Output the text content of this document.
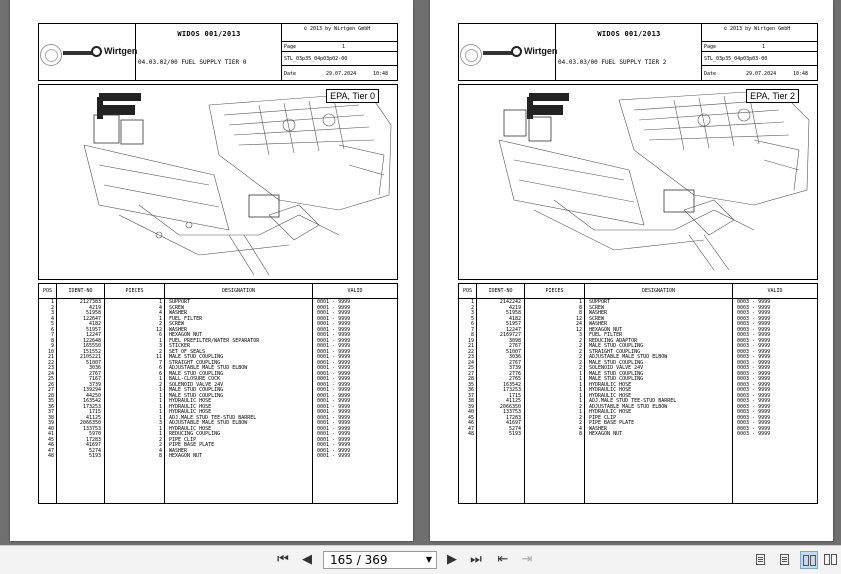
Wirtgen
WIDOS 001/2013
04.03.02/00 FUEL SUPPLY TIER 0
© 2013 by Wirtgen GmbH
Page	1
STL_03p35_04p03p02-00
Date	29.07.2024	10:48
EPA, Tier 0
POS	IDENT-NO	PIECES	DESIGNATION	VALID
1	2127383	1 SUPPORT	0001 - 9999
2	4219	4 SCREW	0001 - 9999
3	51958	4 WASHER	0001 - 9999
4	122647	1 FUEL FILTER	0001 - 9999
5	4182	2 SCREW	0001 - 9999
6	51957	12 WASHER	0001 - 9999
7	12247	6 HEXAGON NUT	0001 - 9999
8	122648	1 FUEL PREFILTER/WATER SEPARATOR	0001 - 9999
9	165550	3 STICKER	0001 - 9999
10	151552	2 SET OF SEALS	0001 - 9999
21	2105221	11 MALE STUD COUPLING	0001 - 9999
22	51007	7 STRAIGHT COUPLING	0001 - 9999
23	3036	6 ADJUSTABLE MALE STUD ELBOW	0001 - 9999
24	2767	6 MALE STUD COUPLING	0001 - 9999
25	7167	1 BALL-CLOSURE COCK	0001 - 9999
26	3739	2 SOLENOID VALVE 24V	0001 - 9999
27	139294	1 MALE STUD COUPLING	0001 - 9999
28	44250	1 MALE STUD COUPLING	0001 - 9999
35	163542	1 HYDRAULIC HOSE	0001 - 9999
36	173253	1 HYDRAULIC HOSE	0001 - 9999
37	1715	1 HYDRAULIC HOSE	0001 - 9999
38	41125	1 ADJ.MALE STUD TEE-STUD BARREL	0001 - 9999
39	2066350	3 ADJUSTABLE MALE STUD ELBOW	0001 - 9999
40	133753	1 HYDRAULIC HOSE	0001 - 9999
41	5970	1 REDUCING COUPLING	0001 - 9999
45	17283	2 PIPE CLIP	0001 - 9999
46	41697	2 PIPE BASE PLATE	0001 - 9999
47	5274	4 WASHER	0001 - 9999
48	5193	8 HEXAGON NUT	0001 - 9999
Wirtgen
WIDOS 001/2013
04.03.03/00 FUEL SUPPLY TIER 2
© 2013 by Wirtgen GmbH
Page	1
STL_03p35_04p03p03-00
Date	29.07.2024	10:48
EPA, Tier 2
POS	IDENT-NO	PIECES	DESIGNATION	VALID
1	2142242	1 SUPPORT	0003 - 9999
2	4219	8 SCREW	0003 - 9999
3	51958	8 WASHER	0003 - 9999
5	4182	12 SCREW	0003 - 9999
6	51957	24 WASHER	0003 - 9999
7	12247	12 HEXAGON NUT	0003 - 9999
8	2169727	3 FUEL FILTER	0003 - 9999
19	3098	2 REDUCING ADAPTOR	0003 - 9999
21	2767	2 MALE STUD COUPLING	0003 - 9999
22	51007	2 STRAIGHT COUPLING	0003 - 9999
23	3036	2 ADJUSTABLE MALE STUD ELBOW	0003 - 9999
24	2767	2 MALE STUD COUPLING	0003 - 9999
25	3739	2 SOLENOID VALVE 24V	0003 - 9999
27	2776	1 MALE STUD COUPLING	0003 - 9999
28	2765	1 MALE STUD COUPLING	0003 - 9999
35	163542	1 HYDRAULIC HOSE	0003 - 9999
36	173253	1 HYDRAULIC HOSE	0003 - 9999
37	1715	1 HYDRAULIC HOSE	0003 - 9999
38	41125	1 ADJ.MALE STUD TEE-STUD BARREL	0003 - 9999
39	2066350	2 ADJUSTABLE MALE STUD ELBOW	0003 - 9999
40	133753	1 HYDRAULIC HOSE	0003 - 9999
45	17283	2 PIPE CLIP	0003 - 9999
46	41697	2 PIPE BASE PLATE	0003 - 9999
47	5274	4 WASHER	0003 - 9999
48	5193	8 HEXAGON NUT	0003 - 9999
⏮ ◀ 165 / 369	▼ ▶ ⏭ ⇤ ⇥
